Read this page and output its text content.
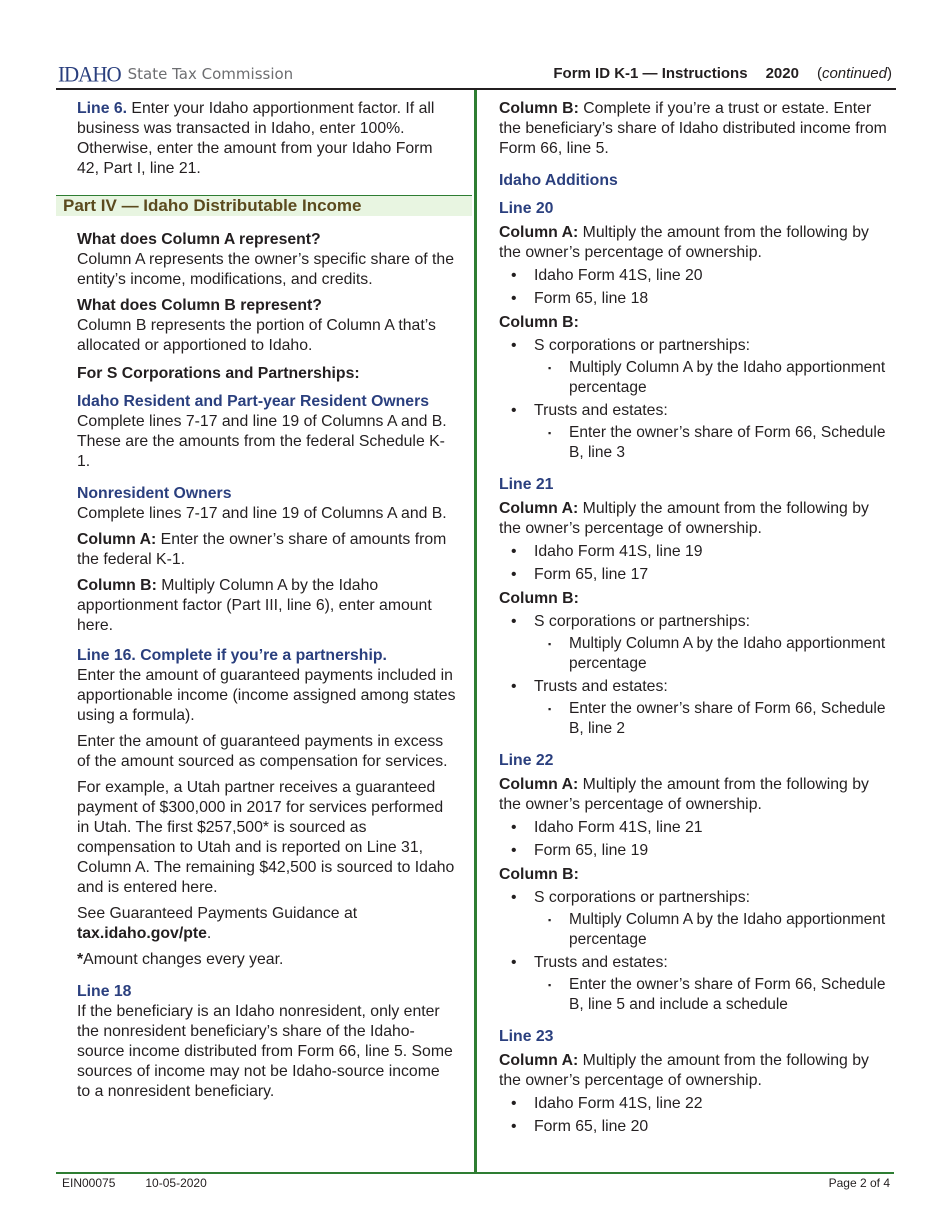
IDAHO State Tax Commission	Form ID K-1 — Instructions 2020 (continued)
Part IV — Idaho Distributable Income

Line 6. Enter your Idaho apportionment factor. If all business was transacted in Idaho, enter 100%. Otherwise, enter the amount from your Idaho Form 42, Part I, line 21.

What does Column A represent?

Column A represents the owner’s specific share of the entity’s income, modifications, and credits.

What does Column B represent?

Column B represents the portion of Column A that’s allocated or apportioned to Idaho.

For S Corporations and Partnerships:

Idaho Resident and Part-year Resident Owners

Complete lines 7-17 and line 19 of Columns A and B. These are the amounts from the federal Schedule K-1.

Nonresident Owners

Complete lines 7-17 and line 19 of Columns A and B.

Column A: Enter the owner’s share of amounts from the federal K-1.

Column B: Multiply Column A by the Idaho apportionment factor (Part III, line 6), enter amount here.

Line 16. Complete if you’re a partnership.

Enter the amount of guaranteed payments included in apportionable income (income assigned among states using a formula).

Enter the amount of guaranteed payments in excess of the amount sourced as compensation for services.

For example, a Utah partner receives a guaranteed payment of $300,000 in 2017 for services performed in Utah. The first $257,500* is sourced as compensation to Utah and is reported on Line 31, Column A. The remaining $42,500 is sourced to Idaho and is entered here.

See Guaranteed Payments Guidance at
tax.idaho.gov/pte.

*Amount changes every year.

Line 18

If the beneficiary is an Idaho nonresident, only enter the nonresident beneficiary’s share of the Idaho-source income distributed from Form 66, line 5. Some sources of income may not be Idaho-source income to a nonresident beneficiary.

Column B: Complete if you’re a trust or estate. Enter the beneficiary’s share of Idaho distributed income from Form 66, line 5.

Idaho Additions

Line 20

Column A: Multiply the amount from the following by the owner’s percentage of ownership.

• Idaho Form 41S, line 20
• Form 65, line 18

Column B:

• S corporations or partnerships:
▪ Multiply Column A by the Idaho apportionment percentage
• Trusts and estates:
▪ Enter the owner’s share of Form 66, Schedule B, line 3

Line 21

Column A: Multiply the amount from the following by the owner’s percentage of ownership.

• Idaho Form 41S, line 19
• Form 65, line 17

Column B:

• S corporations or partnerships:
▪ Multiply Column A by the Idaho apportionment percentage
• Trusts and estates:
▪ Enter the owner’s share of Form 66, Schedule B, line 2

Line 22

Column A: Multiply the amount from the following by the owner’s percentage of ownership.

• Idaho Form 41S, line 21
• Form 65, line 19

Column B:

• S corporations or partnerships:
▪ Multiply Column A by the Idaho apportionment percentage
• Trusts and estates:
▪ Enter the owner’s share of Form 66, Schedule B, line 5 and include a schedule

Line 23

Column A: Multiply the amount from the following by the owner’s percentage of ownership.

• Idaho Form 41S, line 22
• Form 65, line 20
EIN00075	10-05-2020	Page 2 of 4
